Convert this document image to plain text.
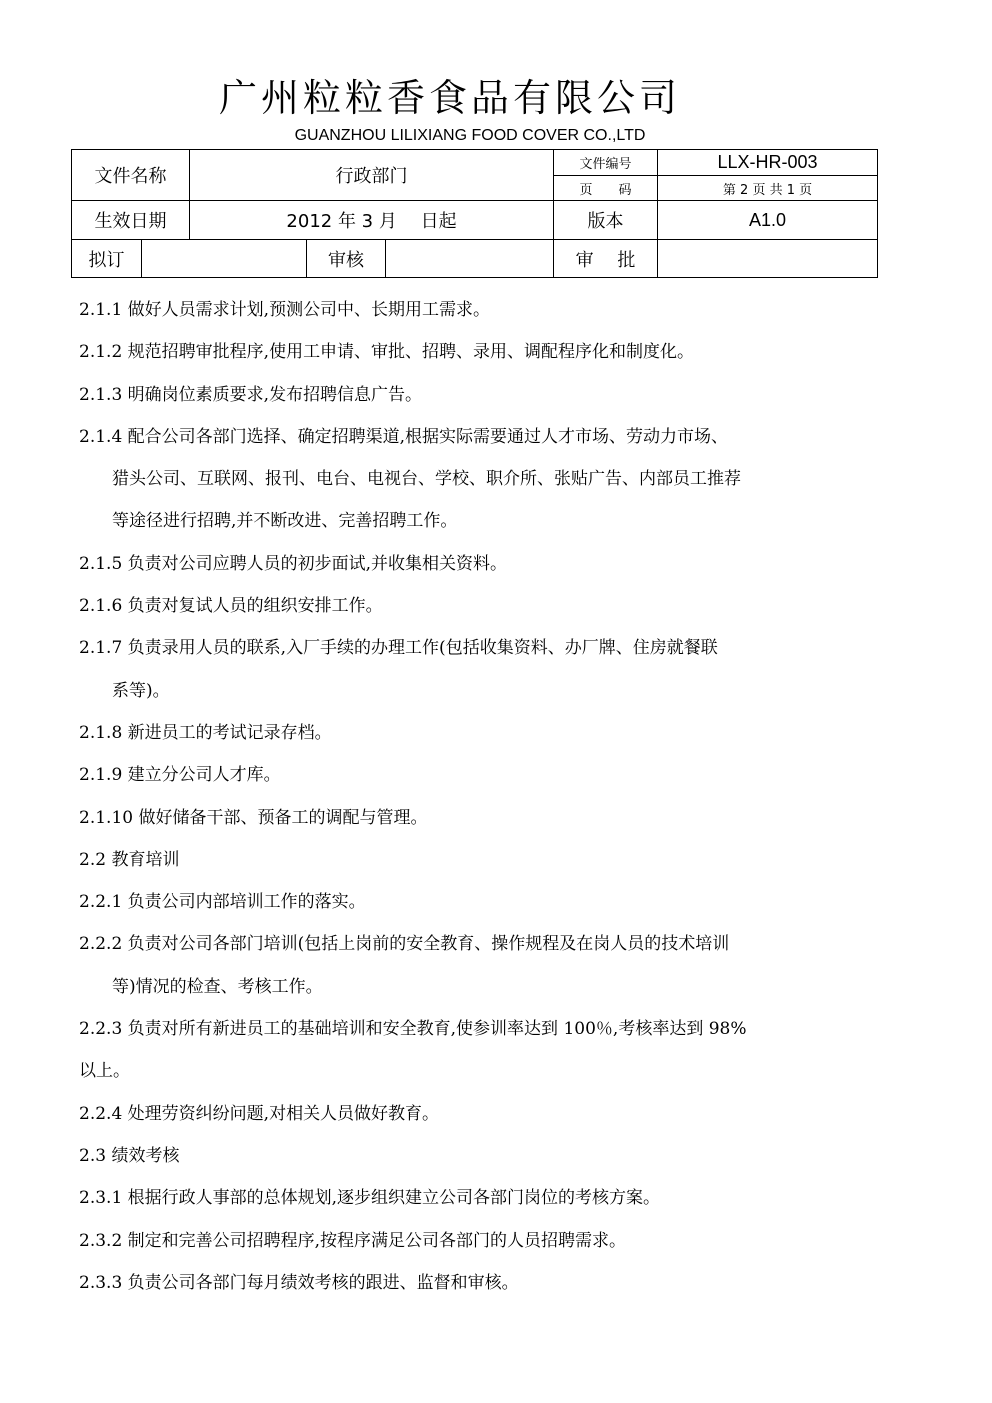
广州粒粒香食品有限公司
GUANZHOU LILIXIANG FOOD COVER CO.,LTD
文件名称		行政部门			文件编号	LLX-HR-003
					页　　码	第 2 页 共 1 页
生效日期		2012 年 3 月　 日起			版本	A1.0
拟订			审核		审　 批	
2.1.1 做好人员需求计划,预测公司中、长期用工需求。
2.1.2 规范招聘审批程序,使用工申请、审批、招聘、录用、调配程序化和制度化。
2.1.3 明确岗位素质要求,发布招聘信息广告。
2.1.4 配合公司各部门选择、确定招聘渠道,根据实际需要通过人才市场、劳动力市场、
猎头公司、互联网、报刊、电台、电视台、学校、职介所、张贴广告、内部员工推荐
等途径进行招聘,并不断改进、完善招聘工作。
2.1.5 负责对公司应聘人员的初步面试,并收集相关资料。
2.1.6 负责对复试人员的组织安排工作。
2.1.7 负责录用人员的联系,入厂手续的办理工作(包括收集资料、办厂牌、住房就餐联
系等)。
2.1.8 新进员工的考试记录存档。
2.1.9 建立分公司人才库。
2.1.10 做好储备干部、预备工的调配与管理。
2.2 教育培训
2.2.1 负责公司内部培训工作的落实。
2.2.2 负责对公司各部门培训(包括上岗前的安全教育、操作规程及在岗人员的技术培训
等)情况的检查、考核工作。
2.2.3 负责对所有新进员工的基础培训和安全教育,使参训率达到 100％,考核率达到 98%
以上。
2.2.4 处理劳资纠纷问题,对相关人员做好教育。
2.3 绩效考核
2.3.1 根据行政人事部的总体规划,逐步组织建立公司各部门岗位的考核方案。
2.3.2 制定和完善公司招聘程序,按程序满足公司各部门的人员招聘需求。
2.3.3 负责公司各部门每月绩效考核的跟进、监督和审核。
